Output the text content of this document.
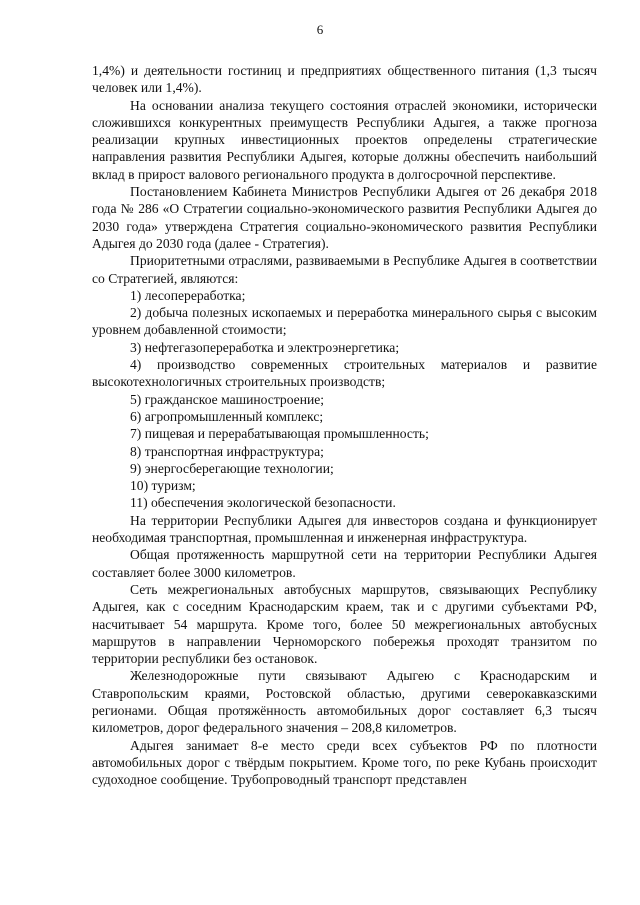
6

1,4%) и деятельности гостиниц и предприятиях общественного питания (1,3 тысяч человек или 1,4%).

На основании анализа текущего состояния отраслей экономики, исторически сложившихся конкурентных преимуществ Республики Адыгея, а также прогноза реализации крупных инвестиционных проектов определены стратегические направления развития Республики Адыгея, которые должны обеспечить наибольший вклад в прирост валового регионального продукта в долгосрочной перспективе.

Постановлением Кабинета Министров Республики Адыгея от 26 декабря 2018 года № 286 «О Стратегии социально-экономического развития Республики Адыгея до 2030 года» утверждена Стратегия социально-экономического развития Республики Адыгея до 2030 года (далее - Стратегия).

Приоритетными отраслями, развиваемыми в Республике Адыгея в соответствии со Стратегией, являются:

1) лесопереработка;

2) добыча полезных ископаемых и переработка минерального сырья с высоким уровнем добавленной стоимости;

3) нефтегазопереработка и электроэнергетика;

4) производство современных строительных материалов и развитие высокотехнологичных строительных производств;

5) гражданское машиностроение;

6) агропромышленный комплекс;

7) пищевая и перерабатывающая промышленность;

8) транспортная инфраструктура;

9) энергосберегающие технологии;

10) туризм;

11) обеспечения экологической безопасности.

На территории Республики Адыгея для инвесторов создана и функционирует необходимая транспортная, промышленная и инженерная инфраструктура.

Общая протяженность маршрутной сети на территории Республики Адыгея составляет более 3000 километров.

Сеть межрегиональных автобусных маршрутов, связывающих Республику Адыгея, как с соседним Краснодарским краем, так и с другими субъектами РФ, насчитывает 54 маршрута. Кроме того, более 50 межрегиональных автобусных маршрутов в направлении Черноморского побережья проходят транзитом по территории республики без остановок.

Железнодорожные пути связывают Адыгею с Краснодарским и Ставропольским краями, Ростовской областью, другими северокавказскими регионами. Общая протяжённость автомобильных дорог составляет 6,3 тысяч километров, дорог федерального значения – 208,8 километров.

Адыгея занимает 8-е место среди всех субъектов РФ по плотности автомобильных дорог с твёрдым покрытием. Кроме того, по реке Кубань происходит судоходное сообщение. Трубопроводный транспорт представлен
